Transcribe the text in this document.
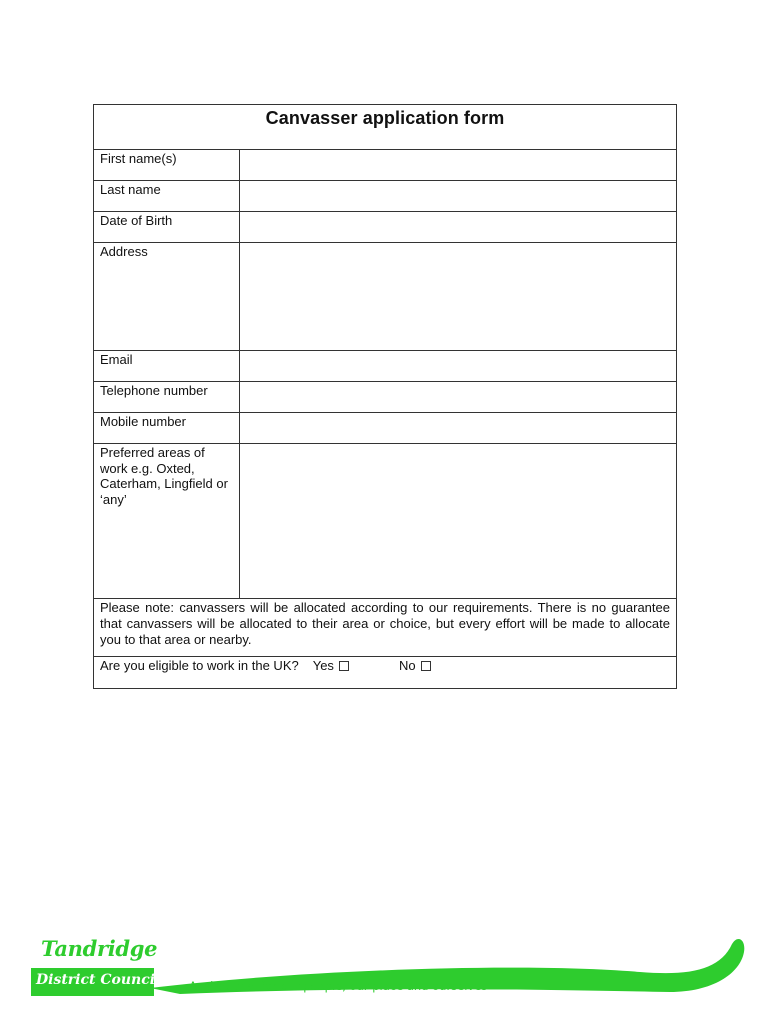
Canvasser application form
First name(s)
Last name
Date of Birth
Address
Email
Telephone number
Mobile number
Preferred areas of work e.g. Oxted, Caterham, Lingfield or ‘any’
Please note: canvassers will be allocated according to our requirements. There is no guarantee that canvassers will be allocated to their area or choice, but every effort will be made to allocate you to that area or nearby.
Are you eligible to work in the UK? Yes	No
Tandridge
District Council Aspirational for our people, our place and ourselves
